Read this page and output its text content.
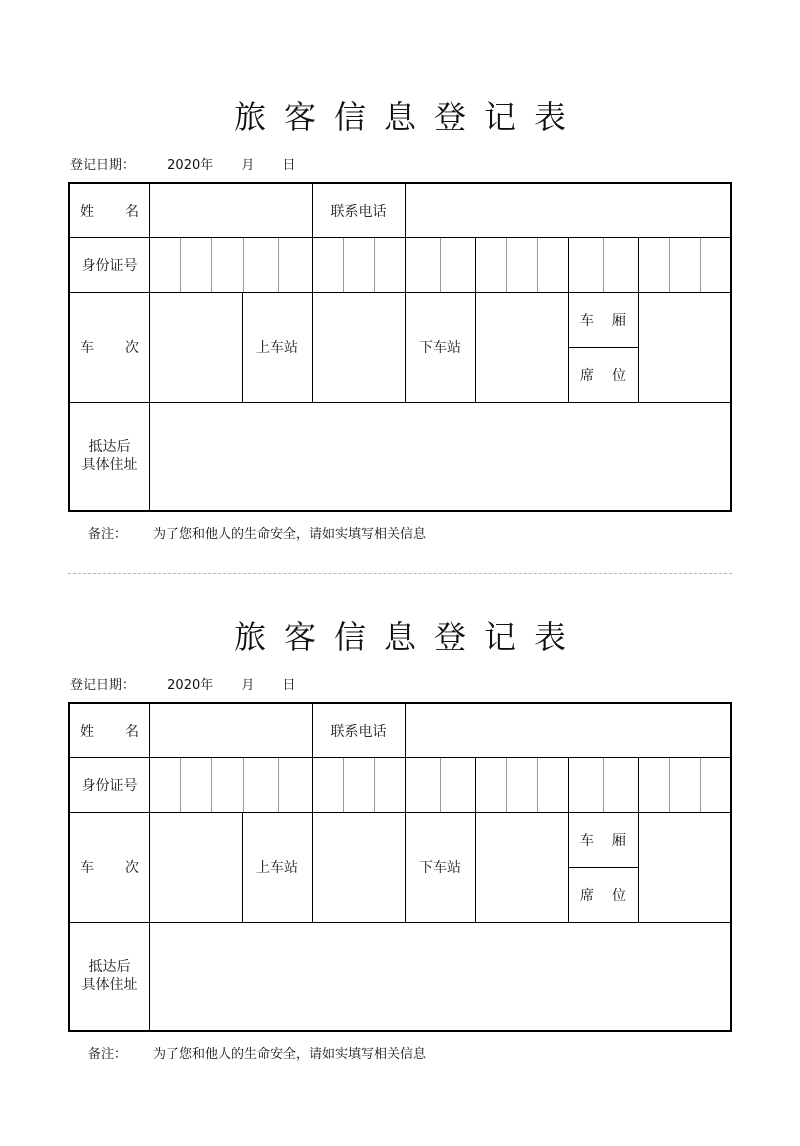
旅客信息登记表
登记日期： 2020年 月 日
姓 名	联系电话
身份证号
车 次	上车站	下车站
车 厢
席 位
抵达后
具体住址
备注： 为了您和他人的生命安全，请如实填写相关信息
旅客信息登记表
登记日期： 2020年 月 日
姓 名	联系电话
身份证号
车 次	上车站	下车站
车 厢
席 位
抵达后
具体住址
备注： 为了您和他人的生命安全，请如实填写相关信息
